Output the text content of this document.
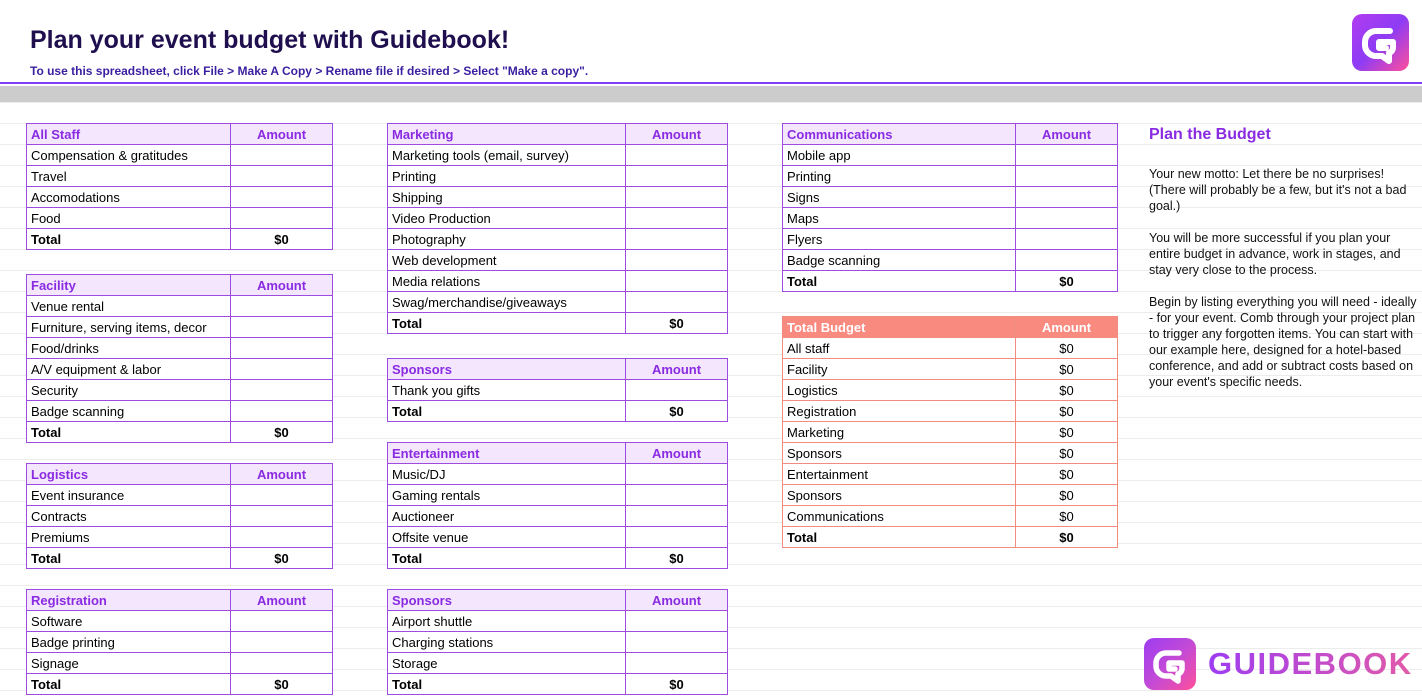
Plan your event budget with Guidebook!
To use this spreadsheet, click File > Make A Copy > Rename file if desired > Select "Make a copy".
All Staff	Amount
Compensation & gratitudes	
Travel	
Accomodations	
Food	
Total	$0
Facility	Amount
Venue rental	
Furniture, serving items, decor	
Food/drinks	
A/V equipment & labor	
Security	
Badge scanning	
Total	$0
Logistics	Amount
Event insurance	
Contracts	
Premiums	
Total	$0
Registration	Amount
Software	
Badge printing	
Signage	
Total	$0
Marketing	Amount
Marketing tools (email, survey)	
Printing	
Shipping	
Video Production	
Photography	
Web development	
Media relations	
Swag/merchandise/giveaways	
Total	$0
Sponsors	Amount
Thank you gifts	
Total	$0
Entertainment	Amount
Music/DJ	
Gaming rentals	
Auctioneer	
Offsite venue	
Total	$0
Sponsors	Amount
Airport shuttle	
Charging stations	
Storage	
Total	$0
Communications	Amount
Mobile app	
Printing	
Signs	
Maps	
Flyers	
Badge scanning	
Total	$0
Total Budget	Amount
All staff	$0
Facility	$0
Logistics	$0
Registration	$0
Marketing	$0
Sponsors	$0
Entertainment	$0
Sponsors	$0
Communications	$0
Total	$0
Plan the Budget

Your new motto: Let there be no surprises! (There will probably be a few, but it's not a bad goal.)

You will be more successful if you plan your entire budget in advance, work in stages, and stay very close to the process.

Begin by listing everything you will need - ideally - for your event. Comb through your project plan to trigger any forgotten items. You can start with our example here, designed for a hotel-based conference, and add or subtract costs based on your event's specific needs.

GUIDEBOOK
